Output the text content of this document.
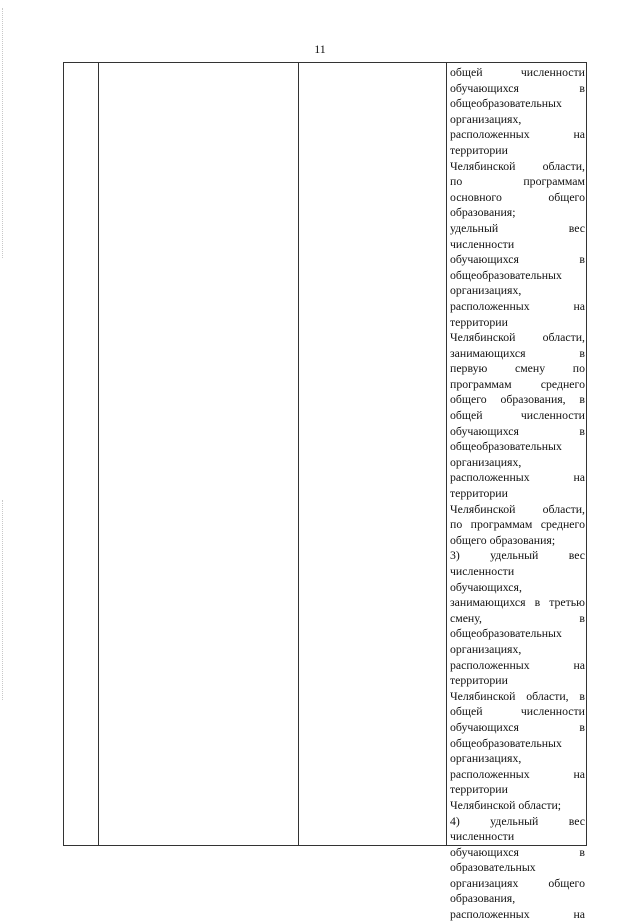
11
общей	численности
обучающихся	в
общеобразовательных
организациях,
расположенных	на
территории
Челябинской области,
по	программам
основного	общего
образования;
удельный	вес
численности
обучающихся	в
общеобразовательных
организациях,
расположенных	на
территории
Челябинской области,
занимающихся	в
первую смену по
программам среднего
общего образования, в
общей	численности
обучающихся	в
общеобразовательных
организациях,
расположенных	на
территории
Челябинской области,
по программам среднего
общего образования;
3)	удельный	вес
численности
обучающихся,
занимающихся в третью
смену,	в
общеобразовательных
организациях,
расположенных	на
территории
Челябинской области, в
общей	численности
обучающихся	в
общеобразовательных
организациях,
расположенных	на
территории
Челябинской области;
4)	удельный	вес
численности
обучающихся	в
образовательных
организациях	общего
образования,
расположенных	на
